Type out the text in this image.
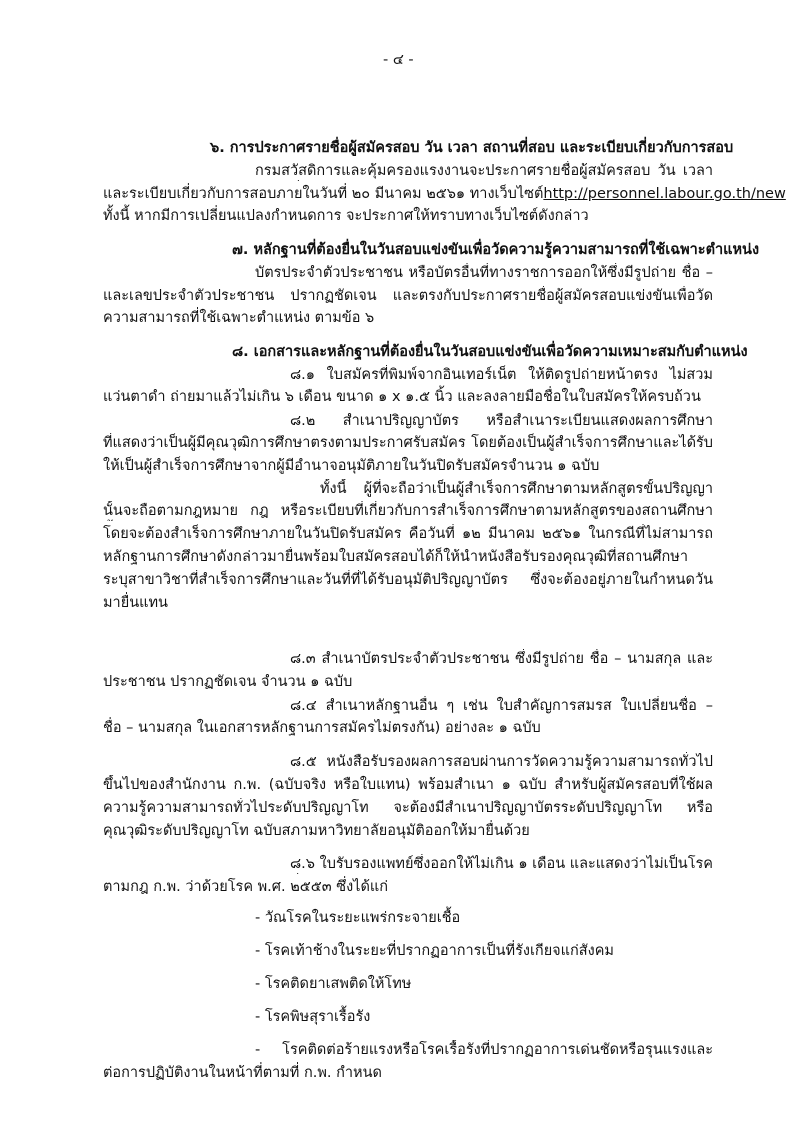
- ๔ -
๖. การประกาศรายชื่อผู้สมัครสอบ วัน เวลา สถานที่สอบ และระเบียบเกี่ยวกับการสอบ
กรมสวัสดิการและคุ้มครองแรงงานจะประกาศรายชื่อผู้สมัครสอบ วัน เวลา
และระเบียบเกี่ยวกับการสอบภายในวันที่ ๒๐ มีนาคม ๒๕๖๑ ทางเว็บไซต์ http://personnel.labour.go.th/new
ทั้งนี้ หากมีการเปลี่ยนแปลงกำหนดการ จะประกาศให้ทราบทางเว็บไซต์ดังกล่าว
๗. หลักฐานที่ต้องยื่นในวันสอบแข่งขันเพื่อวัดความรู้ความสามารถที่ใช้เฉพาะตำแหน่ง
บัตรประจำตัวประชาชน หรือบัตรอื่นที่ทางราชการออกให้ซึ่งมีรูปถ่าย ชื่อ –
และเลขประจำตัวประชาชน ปรากฏชัดเจน และตรงกับประกาศรายชื่อผู้สมัครสอบแข่งขันเพื่อวัด
ความสามารถที่ใช้เฉพาะตำแหน่ง ตามข้อ ๖
๘. เอกสารและหลักฐานที่ต้องยื่นในวันสอบแข่งขันเพื่อวัดความเหมาะสมกับตำแหน่ง
๘.๑ ใบสมัครที่พิมพ์จากอินเทอร์เน็ต ให้ติดรูปถ่ายหน้าตรง ไม่สวม
แว่นตาดำ ถ่ายมาแล้วไม่เกิน ๖ เดือน ขนาด ๑ x ๑.๕ นิ้ว และลงลายมือชื่อในใบสมัครให้ครบถ้วน
๘.๒ สำเนาปริญญาบัตร หรือสำเนาระเบียนแสดงผลการศึกษา
ที่แสดงว่าเป็นผู้มีคุณวุฒิการศึกษาตรงตามประกาศรับสมัคร โดยต้องเป็นผู้สำเร็จการศึกษาและได้รับ
ให้เป็นผู้สำเร็จการศึกษาจากผู้มีอำนาจอนุมัติภายในวันปิดรับสมัครจำนวน ๑ ฉบับ
ทั้งนี้ ผู้ที่จะถือว่าเป็นผู้สำเร็จการศึกษาตามหลักสูตรขั้นปริญญา
นั้นจะถือตามกฎหมาย กฎ หรือระเบียบที่เกี่ยวกับการสำเร็จการศึกษาตามหลักสูตรของสถานศึกษา
โดยจะต้องสำเร็จการศึกษาภายในวันปิดรับสมัคร คือวันที่ ๑๒ มีนาคม ๒๕๖๑ ในกรณีที่ไม่สามารถ
หลักฐานการศึกษาดังกล่าวมายื่นพร้อมใบสมัครสอบได้ก็ให้นำหนังสือรับรองคุณวุฒิที่สถานศึกษา
ระบุสาขาวิชาที่สำเร็จการศึกษาและวันที่ที่ได้รับอนุมัติปริญญาบัตร ซึ่งจะต้องอยู่ภายในกำหนดวัน
มายื่นแทน
๘.๓ สำเนาบัตรประจำตัวประชาชน ซึ่งมีรูปถ่าย ชื่อ – นามสกุล และ
ประชาชน ปรากฏชัดเจน จำนวน ๑ ฉบับ
๘.๔ สำเนาหลักฐานอื่น ๆ เช่น ใบสำคัญการสมรส ใบเปลี่ยนชื่อ –
ชื่อ – นามสกุล ในเอกสารหลักฐานการสมัครไม่ตรงกัน) อย่างละ ๑ ฉบับ
๘.๕ หนังสือรับรองผลการสอบผ่านการวัดความรู้ความสามารถทั่วไป
ขึ้นไปของสำนักงาน ก.พ. (ฉบับจริง หรือใบแทน) พร้อมสำเนา ๑ ฉบับ สำหรับผู้สมัครสอบที่ใช้ผล
ความรู้ความสามารถทั่วไประดับปริญญาโท จะต้องมีสำเนาปริญญาบัตรระดับปริญญาโท หรือ
คุณวุฒิระดับปริญญาโท ฉบับสภามหาวิทยาลัยอนุมัติออกให้มายื่นด้วย
๘.๖ ใบรับรองแพทย์ซึ่งออกให้ไม่เกิน ๑ เดือน และแสดงว่าไม่เป็นโรค
ตามกฎ ก.พ. ว่าด้วยโรค พ.ศ. ๒๕๕๓ ซึ่งได้แก่
- วัณโรคในระยะแพร่กระจายเชื้อ
- โรคเท้าช้างในระยะที่ปรากฏอาการเป็นที่รังเกียจแก่สังคม
- โรคติดยาเสพติดให้โทษ
- โรคพิษสุราเรื้อรัง
- โรคติดต่อร้ายแรงหรือโรคเรื้อรังที่ปรากฏอาการเด่นชัดหรือรุนแรงและ
ต่อการปฏิบัติงานในหน้าที่ตามที่ ก.พ. กำหนด
